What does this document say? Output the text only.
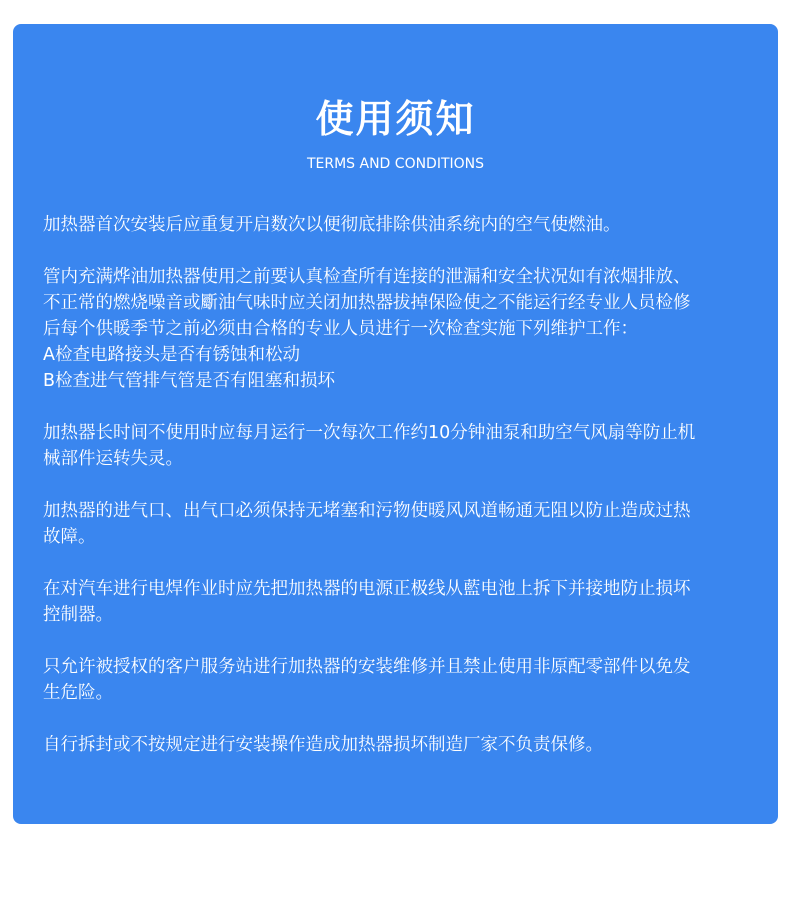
使用须知
TERMS AND CONDITIONS
加热器首次安装后应重复开启数次以便彻底排除供油系统内的空气使燃油。
管内充满烨油加热器使用之前要认真检查所有连接的泄漏和安全状况如有浓烟排放、
不正常的燃烧噪音或斸油气味时应关闭加热器拔掉保险使之不能运行经专业人员检修
后每个供暖季节之前必须由合格的专业人员进行一次检查实施下列维护工作：
A检查电路接头是否有锈蚀和松动
B检查进气管排气管是否有阻塞和损坏
加热器长时间不使用时应每月运行一次每次工作约10分钟油泵和助空气风扇等防止机
械部件运转失灵。
加热器的进气口、出气口必须保持无堵塞和污物使暖风风道畅通无阻以防止造成过热
故障。
在对汽车进行电焊作业时应先把加热器的电源正极线从藍电池上拆下并接地防止损坏
控制器。
只允许被授权的客户服务站进行加热器的安装维修并且禁止使用非原配零部件以免发
生危险。
自行拆封或不按规定进行安装操作造成加热器损坏制造厂家不负责保修。
